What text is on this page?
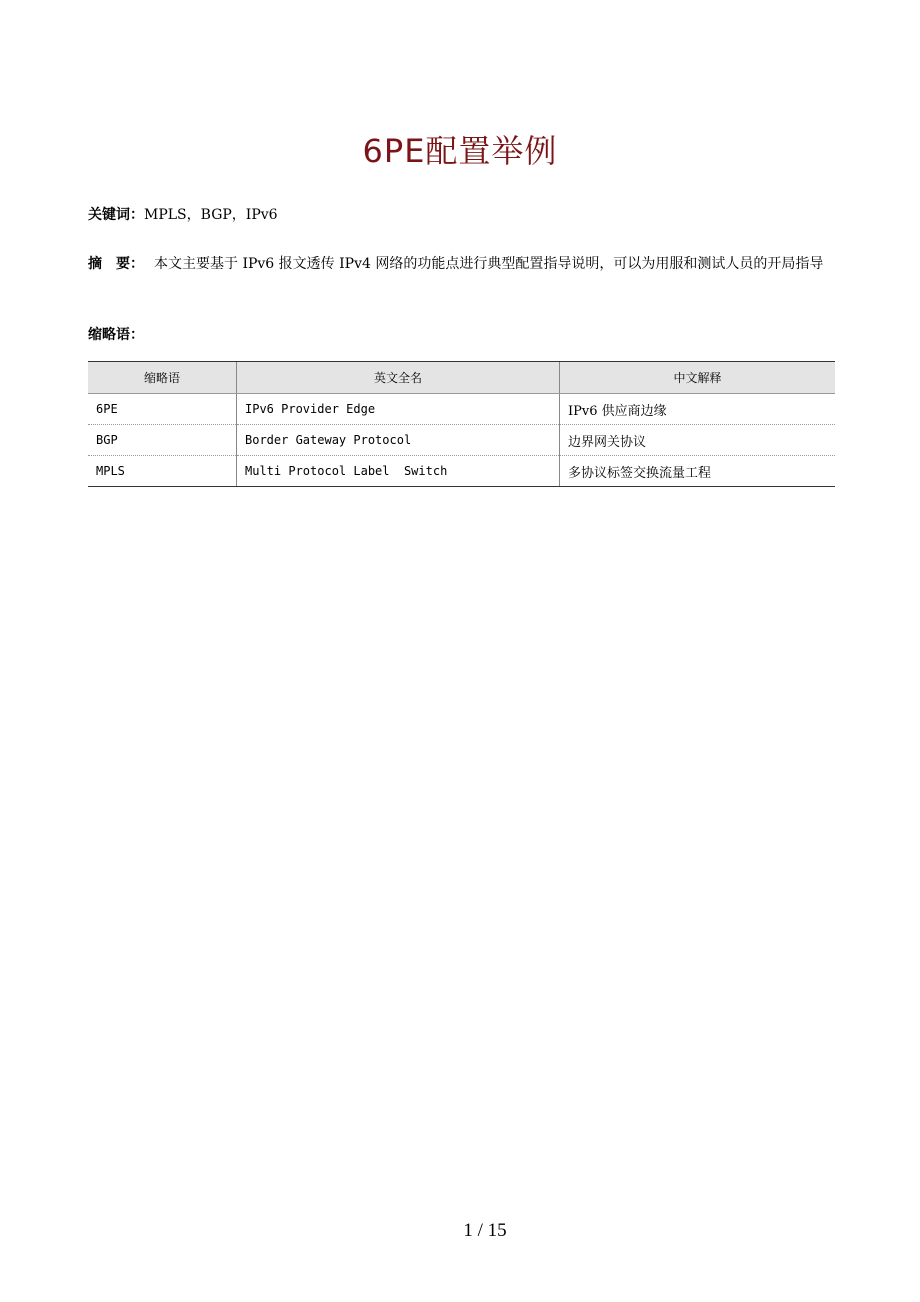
6PE配置举例
关键词：MPLS，BGP，IPv6
摘　要： 本文主要基于 IPv6 报文透传 IPv4 网络的功能点进行典型配置指导说明，可以为用服和测试人员的开局指导
缩略语：
缩略语	英文全名	中文解释
6PE	IPv6 Provider Edge	IPv6 供应商边缘
BGP	Border Gateway Protocol	边界网关协议
MPLS	Multi Protocol Label  Switch	多协议标签交换流量工程
1 / 15
